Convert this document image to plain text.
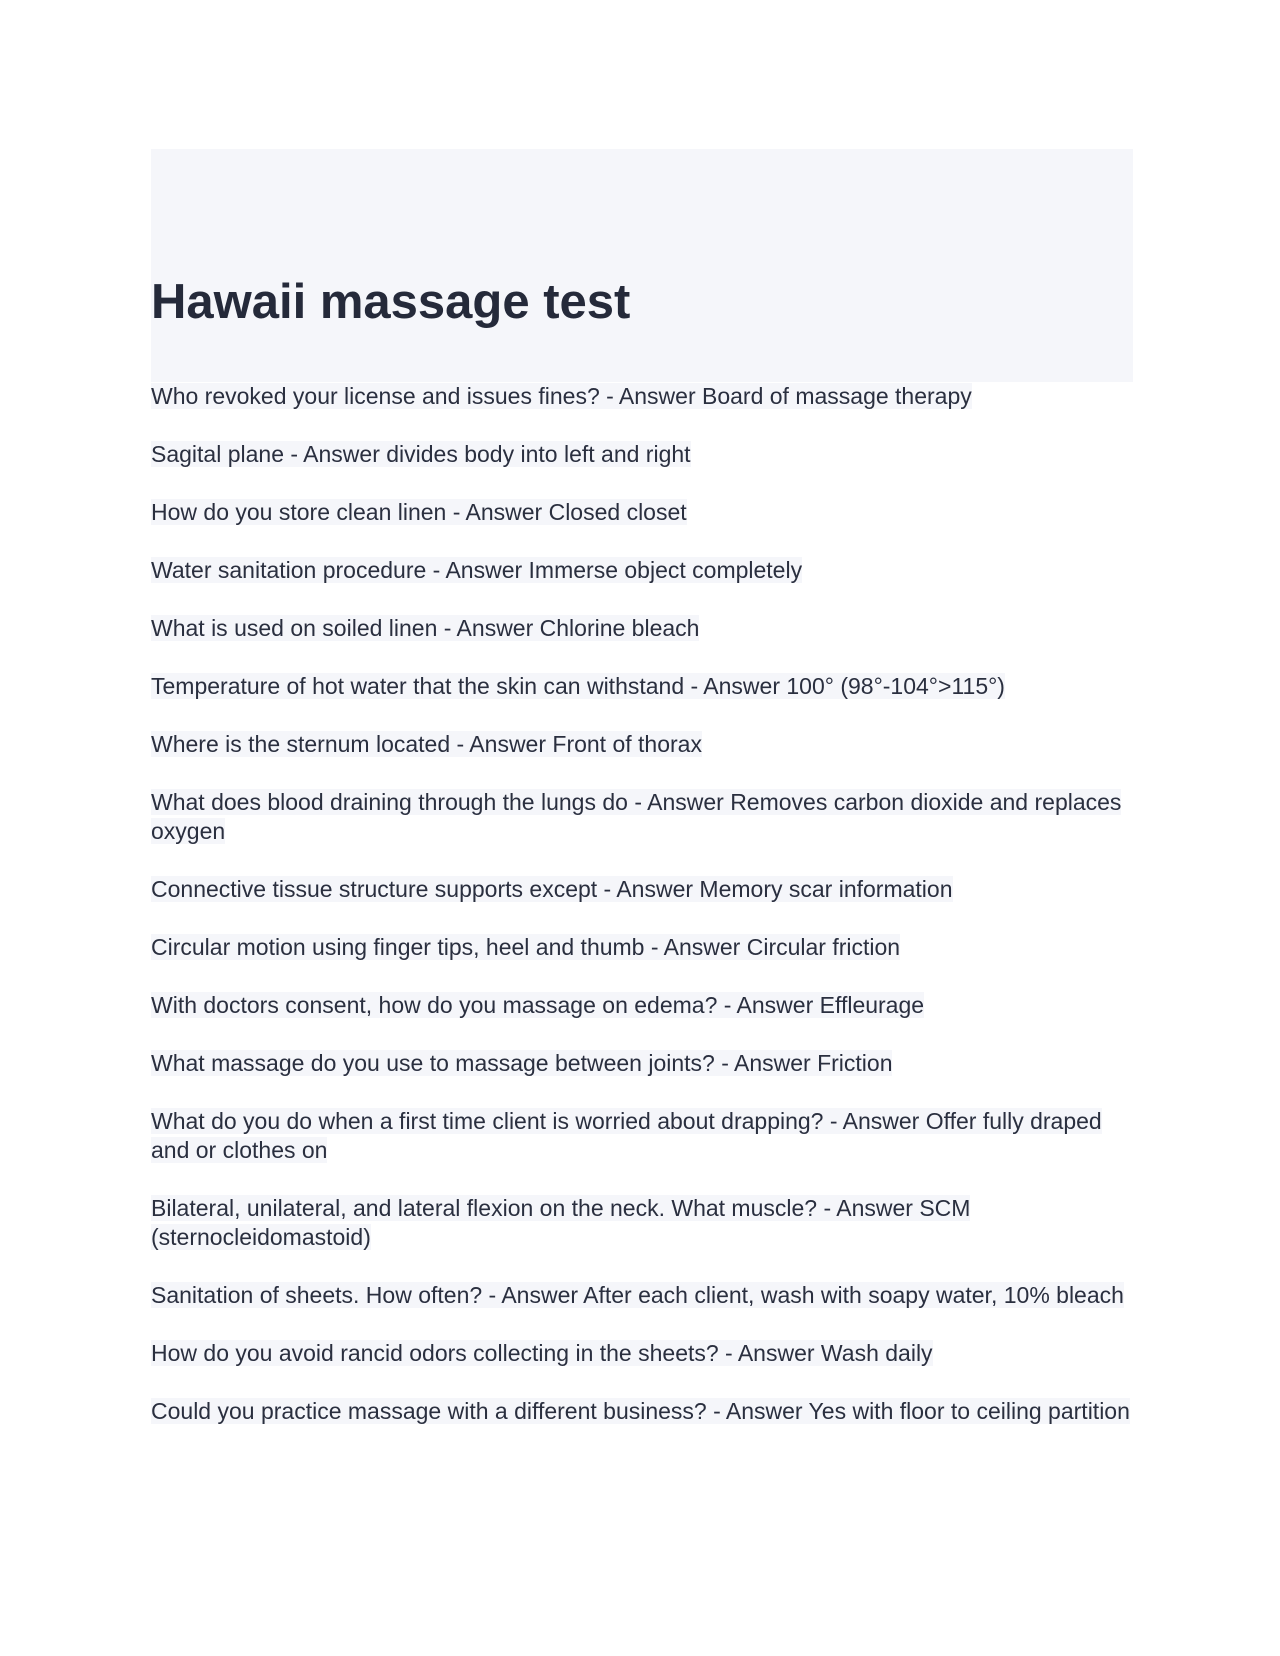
Hawaii massage test

Who revoked your license and issues fines? - Answer Board of massage therapy

Sagital plane - Answer divides body into left and right

How do you store clean linen - Answer Closed closet

Water sanitation procedure - Answer Immerse object completely

What is used on soiled linen - Answer Chlorine bleach

Temperature of hot water that the skin can withstand - Answer 100° (98°-104°>115°)

Where is the sternum located - Answer Front of thorax

What does blood draining through the lungs do - Answer Removes carbon dioxide and replaces oxygen

Connective tissue structure supports except - Answer Memory scar information

Circular motion using finger tips, heel and thumb - Answer Circular friction

With doctors consent, how do you massage on edema? - Answer Effleurage

What massage do you use to massage between joints? - Answer Friction

What do you do when a first time client is worried about drapping? - Answer Offer fully draped and or clothes on

Bilateral, unilateral, and lateral flexion on the neck. What muscle? - Answer SCM (sternocleidomastoid)

Sanitation of sheets. How often? - Answer After each client, wash with soapy water, 10% bleach

How do you avoid rancid odors collecting in the sheets? - Answer Wash daily

Could you practice massage with a different business? - Answer Yes with floor to ceiling partition
